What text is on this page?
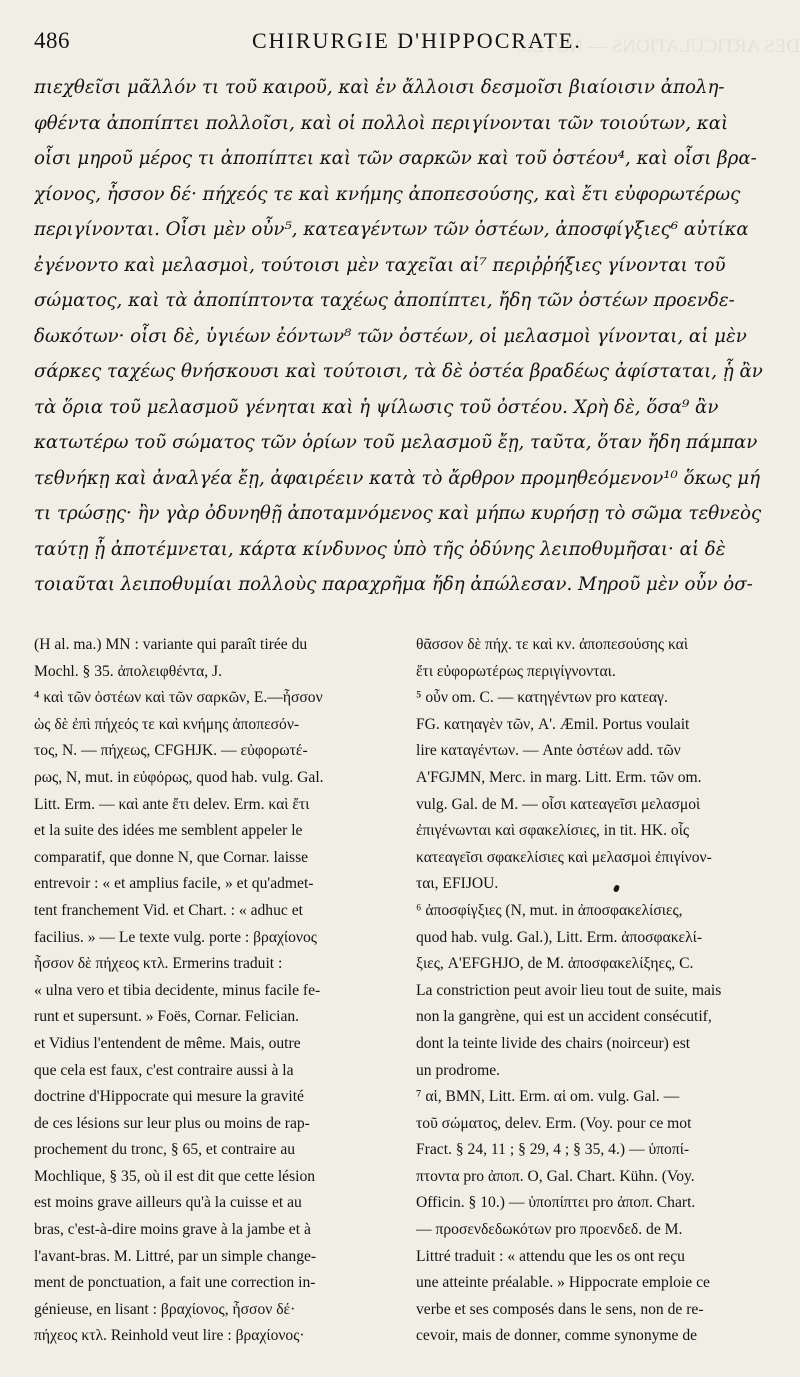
DES ARTICULATIONS — NOTES.
486	CHIRURGIE D'HIPPOCRATE.
πιεχθεῖσι μᾶλλόν τι τοῦ καιροῦ, καὶ ἐν ἄλλοισι δεσμοῖσι βιαίοισιν ἀπολη-
φθέντα ἀποπίπτει πολλοῖσι, καὶ οἱ πολλοὶ περιγίνονται τῶν τοιούτων, καὶ
οἷσι μηροῦ μέρος τι ἀποπίπτει καὶ τῶν σαρκῶν καὶ τοῦ ὀστέου⁴, καὶ οἷσι βρα-
χίονος, ἧσσον δέ· πήχεός τε καὶ κνήμης ἀποπεσούσης, καὶ ἔτι εὐφορωτέρως
περιγίνονται. Οἷσι μὲν οὖν⁵, κατεαγέντων τῶν ὀστέων, ἀποσφίγξιες⁶ αὐτίκα
ἐγένοντο καὶ μελασμοὶ, τούτοισι μὲν ταχεῖαι αἱ⁷ περιῤῥήξιες γίνονται τοῦ
σώματος, καὶ τὰ ἀποπίπτοντα ταχέως ἀποπίπτει, ἤδη τῶν ὀστέων προενδε-
δωκότων· οἷσι δὲ, ὑγιέων ἐόντων⁸ τῶν ὀστέων, οἱ μελασμοὶ γίνονται, αἱ μὲν
σάρκες ταχέως θνήσκουσι καὶ τούτοισι, τὰ δὲ ὀστέα βραδέως ἀφίσταται, ᾗ ἂν
τὰ ὅρια τοῦ μελασμοῦ γένηται καὶ ἡ ψίλωσις τοῦ ὀστέου. Χρὴ δὲ, ὅσα⁹ ἂν
κατωτέρω τοῦ σώματος τῶν ὁρίων τοῦ μελασμοῦ ἔῃ, ταῦτα, ὅταν ἤδη πάμπαν
τεθνήκῃ καὶ ἀναλγέα ἔῃ, ἀφαιρέειν κατὰ τὸ ἄρθρον προμηθεόμενον¹⁰ ὅκως μή
τι τρώσῃς· ἢν γὰρ ὀδυνηθῇ ἀποταμνόμενος καὶ μήπω κυρήσῃ τὸ σῶμα τεθνεὸς
ταύτῃ ᾗ ἀποτέμνεται, κάρτα κίνδυνος ὑπὸ τῆς ὀδύνης λειποθυμῆσαι· αἱ δὲ
τοιαῦται λειποθυμίαι πολλοὺς παραχρῆμα ἤδη ἀπώλεσαν. Μηροῦ μὲν οὖν ὀσ-
(H al. ma.) MN : variante qui paraît tirée du
Mochl. § 35. ἀπολειφθέντα, J.
⁴ καὶ τῶν ὀστέων καὶ τῶν σαρκῶν, E.—ἧσσον
ὡς δὲ ἐπὶ πήχεός τε καὶ κνήμης ἀποπεσόν-
τος, N. — πήχεως, CFGHJK. — εὐφορωτέ-
ρως, N, mut. in εὐφόρως, quod hab. vulg. Gal.
Litt. Erm. — καὶ ante ἔτι delev. Erm. καὶ ἔτι
et la suite des idées me semblent appeler le
comparatif, que donne N, que Cornar. laisse
entrevoir : « et amplius facile, » et qu'admet-
tent franchement Vid. et Chart. : « adhuc et
facilius. » — Le texte vulg. porte : βραχίονος
ἧσσον δὲ πήχεος κτλ. Ermerins traduit :
« ulna vero et tibia decidente, minus facile fe-
runt et supersunt. » Foës, Cornar. Felician.
et Vidius l'entendent de même. Mais, outre
que cela est faux, c'est contraire aussi à la
doctrine d'Hippocrate qui mesure la gravité
de ces lésions sur leur plus ou moins de rap-
prochement du tronc, § 65, et contraire au
Mochlique, § 35, où il est dit que cette lésion
est moins grave ailleurs qu'à la cuisse et au
bras, c'est-à-dire moins grave à la jambe et à
l'avant-bras. M. Littré, par un simple change-
ment de ponctuation, a fait une correction in-
génieuse, en lisant : βραχίονος, ἧσσον δέ·
πήχεος κτλ. Reinhold veut lire : βραχίονος·
θᾶσσον δὲ πήχ. τε καὶ κν. ἀποπεσούσης καὶ
ἔτι εὐφορωτέρως περιγίγνονται.
⁵ οὖν om. C. — κατηγέντων pro κατεαγ.
FG. κατηαγὲν τῶν, A'. Æmil. Portus voulait
lire καταγέντων. — Ante ὀστέων add. τῶν
A'FGJMN, Merc. in marg. Litt. Erm. τῶν om.
vulg. Gal. de M. — οἷσι κατεαγεῖσι μελασμοὶ
ἐπιγένωνται καὶ σφακελίσιες, in tit. HK. οἷς
κατεαγεῖσι σφακελίσιες καὶ μελασμοὶ ἐπιγίνον-
ται, EFIJOU.
⁶ ἀποσφίγξιες (N, mut. in ἀποσφακελίσιες,
quod hab. vulg. Gal.), Litt. Erm. ἀποσφακελί-
ξιες, A'EFGHJO, de M. ἀποσφακελίξηες, C.
La constriction peut avoir lieu tout de suite, mais
non la gangrène, qui est un accident consécutif,
dont la teinte livide des chairs (noirceur) est
un prodrome.
⁷ αἱ, BMN, Litt. Erm. αἱ om. vulg. Gal. —
τοῦ σώματος, delev. Erm. (Voy. pour ce mot
Fract. § 24, 11 ; § 29, 4 ; § 35, 4.) — ὑποπί-
πτοντα pro ἀποπ. O, Gal. Chart. Kühn. (Voy.
Officin. § 10.) — ὑποπίπτει pro ἀποπ. Chart.
— προσενδεδωκότων pro προενδεδ. de M.
Littré traduit : « attendu que les os ont reçu
une atteinte préalable. » Hippocrate emploie ce
verbe et ses composés dans le sens, non de re-
cevoir, mais de donner, comme synonyme de
